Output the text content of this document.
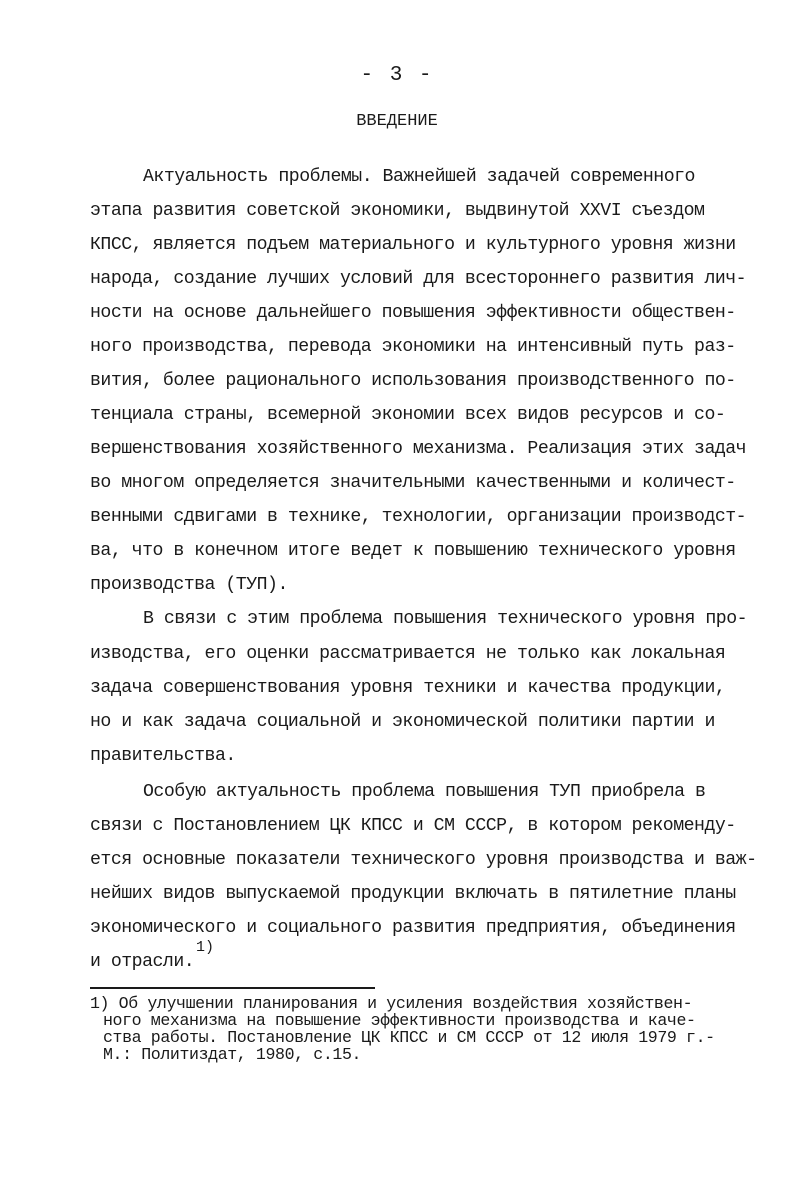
- 3 -
ВВЕДЕНИЕ
Актуальность проблемы. Важнейшей задачей современного
этапа развития советской экономики, выдвинутой XXVI съездом
КПСС, является подъем материального и культурного уровня жизни
народа, создание лучших условий для всестороннего развития лич-
ности на основе дальнейшего повышения эффективности обществен-
ного производства, перевода экономики на интенсивный путь раз-
вития, более рационального использования производственного по-
тенциала страны, всемерной экономии всех видов ресурсов и со-
вершенствования хозяйственного механизма. Реализация этих задач
во многом определяется значительными качественными и количест-
венными сдвигами в технике, технологии, организации производст-
ва, что в конечном итоге ведет к повышению технического уровня
производства (ТУП).
В связи с этим проблема повышения технического уровня про-
изводства, его оценки рассматривается не только как локальная
задача совершенствования уровня техники и качества продукции,
но и как задача социальной и экономической политики партии и
правительства.
Особую актуальность проблема повышения ТУП приобрела в
связи с Постановлением ЦК КПСС и СМ СССР, в котором рекоменду-
ется основные показатели технического уровня производства и важ-
нейших видов выпускаемой продукции включать в пятилетние планы
экономического и социального развития предприятия, объединения
и отрасли.
1)
1) Об улучшении планирования и усиления воздействия хозяйствен-
ного механизма на повышение эффективности производства и каче-
ства работы. Постановление ЦК КПСС и СМ СССР от 12 июля 1979 г.-
М.: Политиздат, 1980, с.15.
